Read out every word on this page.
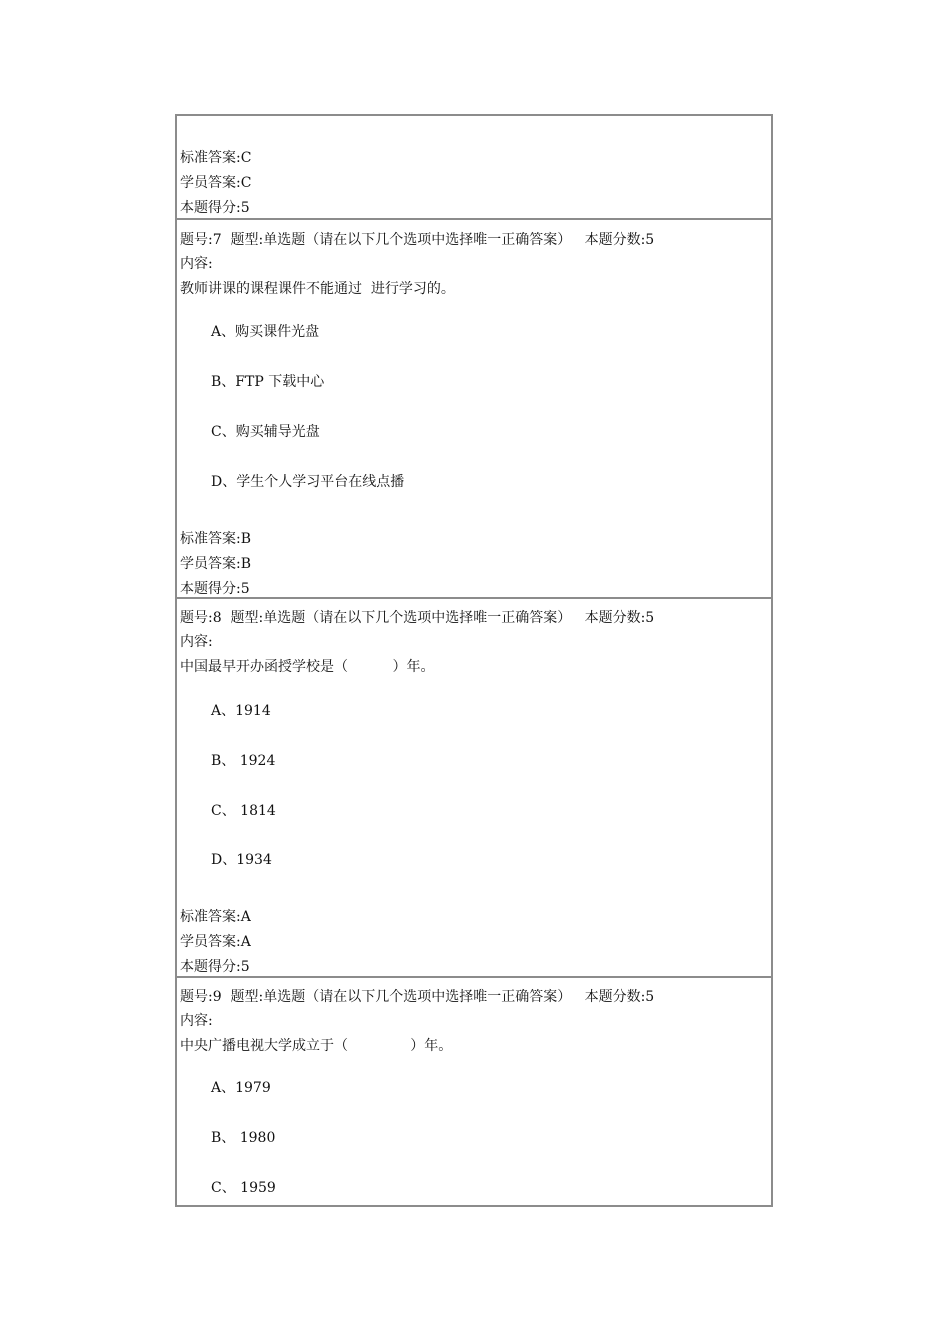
标准答案:C
学员答案:C
本题得分:5
题号:7  题型:单选题（请在以下几个选项中选择唯一正确答案）   本题分数:5
内容:
教师讲课的课程课件不能通过  进行学习的。
A、购买课件光盘
B、FTP 下载中心
C、购买辅导光盘
D、学生个人学习平台在线点播
标准答案:B
学员答案:B
本题得分:5
题号:8  题型:单选题（请在以下几个选项中选择唯一正确答案）   本题分数:5
内容:
中国最早开办函授学校是（          ）年。
A、1914
B、 1924
C、 1814
D、1934
标准答案:A
学员答案:A
本题得分:5
题号:9  题型:单选题（请在以下几个选项中选择唯一正确答案）   本题分数:5
内容:
中央广播电视大学成立于（              ）年。
A、1979
B、 1980
C、 1959
